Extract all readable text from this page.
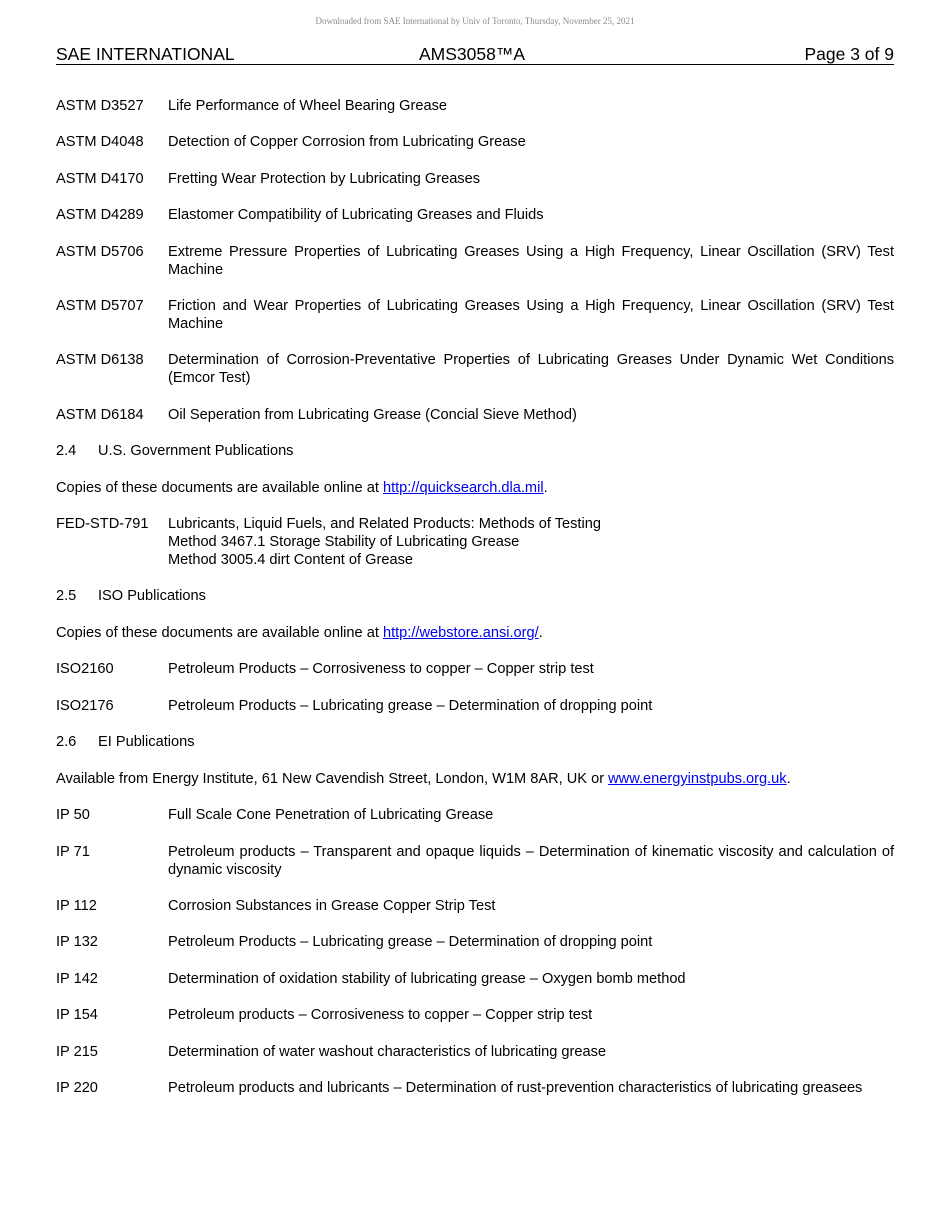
Downloaded from SAE International by Univ of Toronto, Thursday, November 25, 2021
SAE INTERNATIONAL	AMS3058™A	Page 3 of 9
ASTM D3527 Life Performance of Wheel Bearing Grease
ASTM D4048 Detection of Copper Corrosion from Lubricating Grease
ASTM D4170 Fretting Wear Protection by Lubricating Greases
ASTM D4289 Elastomer Compatibility of Lubricating Greases and Fluids
ASTM D5706 Extreme Pressure Properties of Lubricating Greases Using a High Frequency, Linear Oscillation (SRV) Test Machine
ASTM D5707 Friction and Wear Properties of Lubricating Greases Using a High Frequency, Linear Oscillation (SRV) Test Machine
ASTM D6138 Determination of Corrosion-Preventative Properties of Lubricating Greases Under Dynamic Wet Conditions (Emcor Test)
ASTM D6184 Oil Seperation from Lubricating Grease (Concial Sieve Method)
2.4 U.S. Government Publications
Copies of these documents are available online at http://quicksearch.dla.mil.
FED-STD-791 Lubricants, Liquid Fuels, and Related Products: Methods of Testing
Method 3467.1 Storage Stability of Lubricating Grease
Method 3005.4 dirt Content of Grease
2.5 ISO Publications
Copies of these documents are available online at http://webstore.ansi.org/.
ISO2160	Petroleum Products – Corrosiveness to copper – Copper strip test
ISO2176	Petroleum Products – Lubricating grease – Determination of dropping point
2.6 EI Publications
Available from Energy Institute, 61 New Cavendish Street, London, W1M 8AR, UK or www.energyinstpubs.org.uk.
IP 50	Full Scale Cone Penetration of Lubricating Grease
IP 71	Petroleum products – Transparent and opaque liquids – Determination of kinematic viscosity and calculation of dynamic viscosity
IP 112	Corrosion Substances in Grease Copper Strip Test
IP 132	Petroleum Products – Lubricating grease – Determination of dropping point
IP 142	Determination of oxidation stability of lubricating grease – Oxygen bomb method
IP 154	Petroleum products – Corrosiveness to copper – Copper strip test
IP 215	Determination of water washout characteristics of lubricating grease
IP 220	Petroleum products and lubricants – Determination of rust-prevention characteristics of lubricating greasees
